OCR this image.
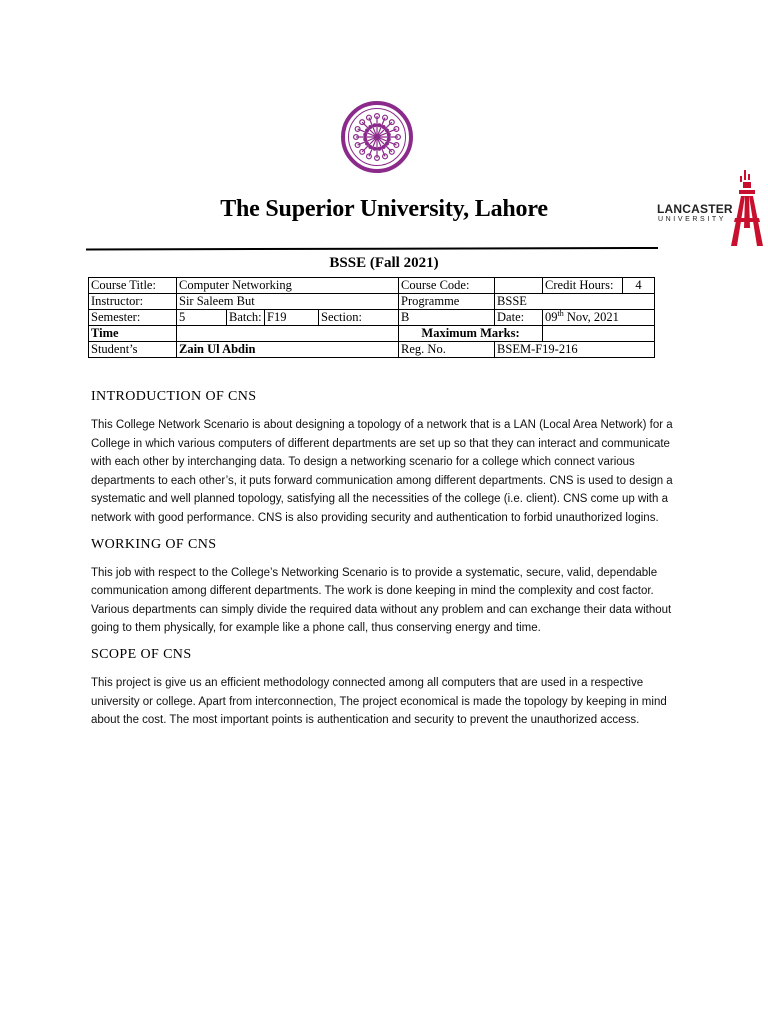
LANCASTER
UNIVERSITY
The Superior University, Lahore
BSSE (Fall 2021)
Course Title:	Computer Networking				Course Code:		Credit Hours:	4
Instructor:	Sir Saleem But				Programme	BSSE		
Semester:	5	Batch:	F19	Section:	B	Date:	09th Nov, 2021	
Time					Maximum Marks:			
Student’s	Zain Ul Abdin				Reg. No.	BSEM-F19-216		
INTRODUCTION OF CNS

This College Network Scenario is about designing a topology of a network that is a LAN (Local Area Network) for a College in which various computers of different departments are set up so that they can interact and communicate with each other by interchanging data. To design a networking scenario for a college which connect various departments to each other’s, it puts forward communication among different departments. CNS is used to design a systematic and well planned topology, satisfying all the necessities of the college (i.e. client). CNS come up with a network with good performance. CNS is also providing security and authentication to forbid unauthorized logins.

WORKING OF CNS

This job with respect to the College’s Networking Scenario is to provide a systematic, secure, valid, dependable communication among different departments. The work is done keeping in mind the complexity and cost factor. Various departments can simply divide the required data without any problem and can exchange their data without going to them physically, for example like a phone call, thus conserving energy and time.

SCOPE OF CNS

This project is give us an efficient methodology connected among all computers that are used in a respective university or college. Apart from interconnection, The project economical is made the topology by keeping in mind about the cost. The most important points is authentication and security to prevent the unauthorized access.
